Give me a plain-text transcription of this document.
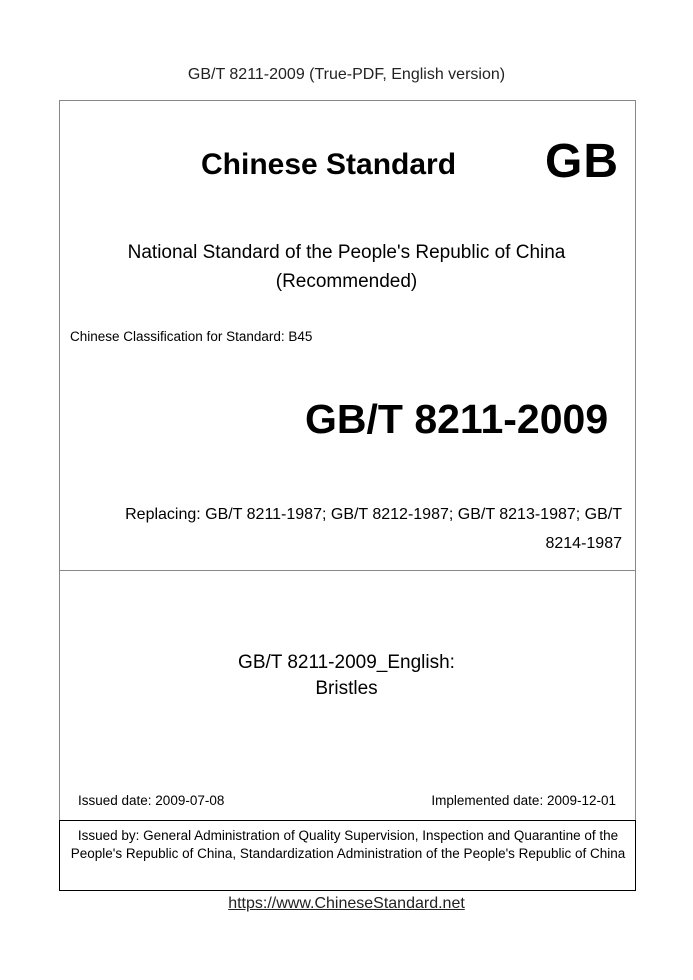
GB/T 8211-2009 (True-PDF, English version)
Chinese Standard GB
National Standard of the People's Republic of China
(Recommended)
Chinese Classification for Standard: B45
GB/T 8211-2009
Replacing: GB/T 8211-1987; GB/T 8212-1987; GB/T 8213-1987; GB/T
8214-1987
GB/T 8211-2009_English:
Bristles
Issued date: 2009-07-08	Implemented date: 2009-12-01
Issued by: General Administration of Quality Supervision, Inspection and Quarantine of the People's Republic of China, Standardization Administration of the People's Republic of China
https://www.ChineseStandard.net
